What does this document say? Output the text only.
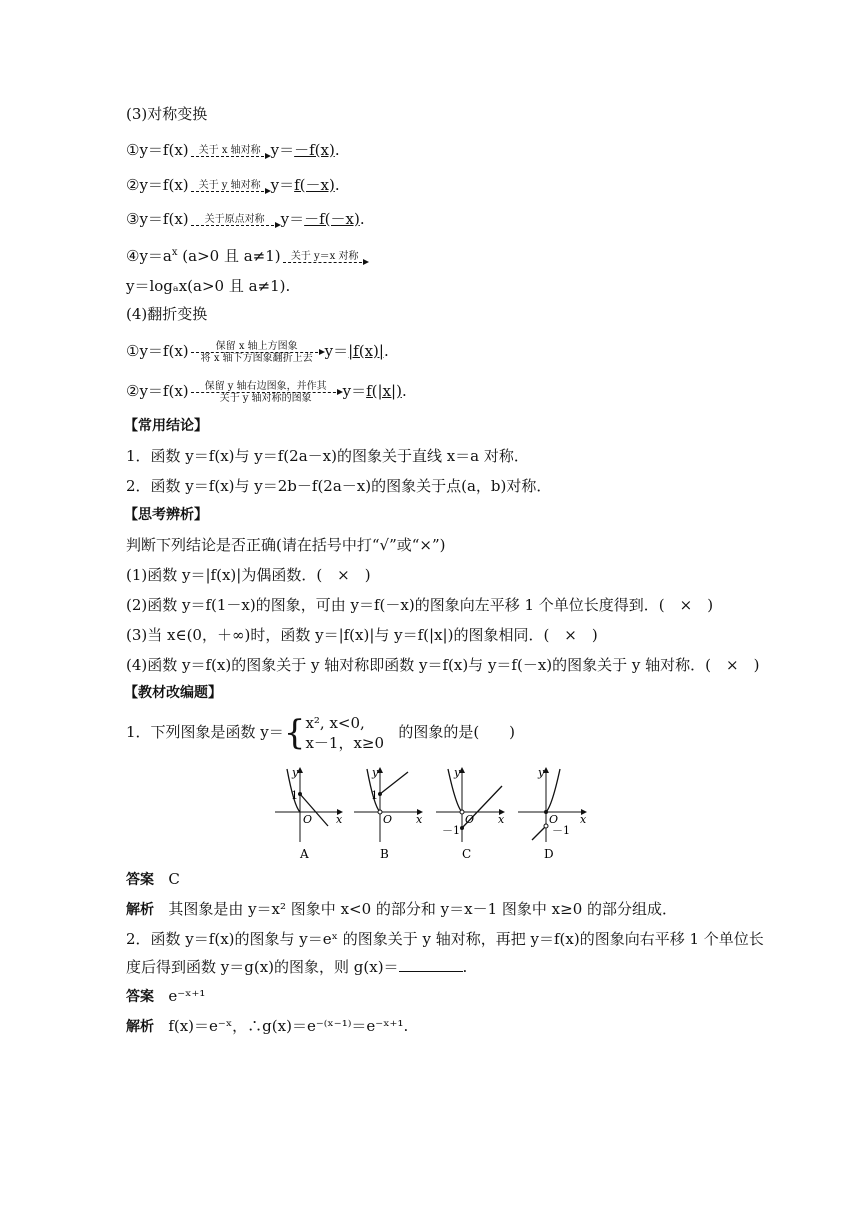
(3)对称变换
①y＝f(x)	关于 x 轴对称 y＝－f(x).
②y＝f(x) 关于 y 轴对称 y＝f(－x).
③y＝f(x)	关于原点对称	y＝－f(－x).
$④y=a^x$ (a>0 且 a≠1)	关于 y＝x 对称
y＝logₐx(a>0 且 a≠1).
(4)翻折变换
①y＝f(x)	保留 x 轴上方图象
将 x 轴下方图象翻折上去 y＝|f(x)|.
②y＝f(x)	保留 y 轴右边图象，并作其
关于 y 轴对称的图象	y＝f(|x|).
【常用结论】
1．函数 y＝f(x)与 y＝f(2a－x)的图象关于直线 x＝a 对称．
2．函数 y＝f(x)与 y＝2b－f(2a－x)的图象关于点(a，b)对称．
【思考辨析】
判断下列结论是否正确(请在括号中打“√”或“×”)
(1)函数 y＝|f(x)|为偶函数．(　×　)
(2)函数 y＝f(1－x)的图象，可由 y＝f(－x)的图象向左平移 1 个单位长度得到．(　×　)
(3)当 x∈(0，＋∞)时，函数 y＝|f(x)|与 y＝f(|x|)的图象相同．(　×　)
(4)函数 y＝f(x)的图象关于 y 轴对称即函数 y＝f(x)与 y＝f(－x)的图象关于 y 轴对称．(　×　)
【教材改编题】
1．下列图象是函数 y＝{ x², x<0,
x－1，x≥0
的图象的是(　　)
1
O x
y
A
1
O x
y
B
－1
O x
y
C
－1
O x
y
D
答案 C
解析 其图象是由 y＝x² 图象中 x<0 的部分和 y＝x－1 图象中 x≥0 的部分组成．
2．函数 y＝f(x)的图象与 y＝eˣ 的图象关于 y 轴对称，再把 y＝f(x)的图象向右平移 1 个单位长
度后得到函数 y＝g(x)的图象，则 g(x)＝	.
答案 e⁻ˣ⁺¹
解析 f(x)＝e⁻ˣ，∴g(x)＝e⁻⁽ˣ⁻¹⁾＝e⁻ˣ⁺¹.
